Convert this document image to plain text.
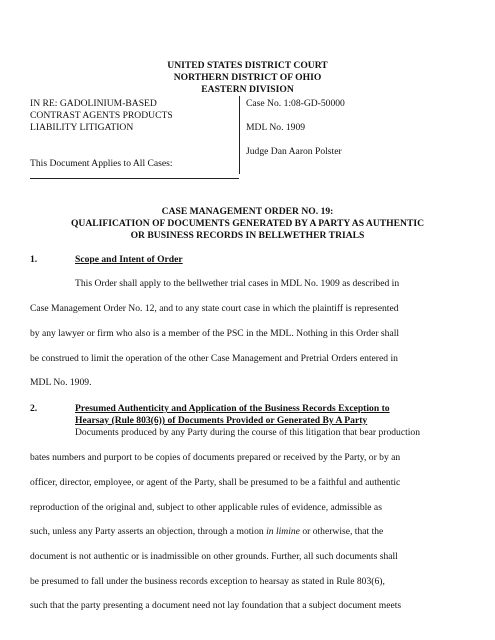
UNITED STATES DISTRICT COURT
NORTHERN DISTRICT OF OHIO
EASTERN DIVISION
IN RE: GADOLINIUM-BASED
CONTRAST AGENTS PRODUCTS
LIABILITY LITIGATION
This Document Applies to All Cases:
Case No. 1:08-GD-50000
MDL No. 1909
Judge Dan Aaron Polster
CASE MANAGEMENT ORDER NO. 19:
QUALIFICATION OF DOCUMENTS GENERATED BY A PARTY AS AUTHENTIC
OR BUSINESS RECORDS IN BELLWETHER TRIALS
1.	Scope and Intent of Order
This Order shall apply to the bellwether trial cases in MDL No. 1909 as described in
Case Management Order No. 12, and to any state court case in which the plaintiff is represented
by any lawyer or firm who also is a member of the PSC in the MDL. Nothing in this Order shall
be construed to limit the operation of the other Case Management and Pretrial Orders entered in
MDL No. 1909.
2.	Presumed Authenticity and Application of the Business Records Exception to
Hearsay (Rule 803(6)) of Documents Provided or Generated By A Party
Documents produced by any Party during the course of this litigation that bear production
bates numbers and purport to be copies of documents prepared or received by the Party, or by an
officer, director, employee, or agent of the Party, shall be presumed to be a faithful and authentic
reproduction of the original and, subject to other applicable rules of evidence, admissible as
such, unless any Party asserts an objection, through a motion in limine or otherwise, that the
document is not authentic or is inadmissible on other grounds. Further, all such documents shall
be presumed to fall under the business records exception to hearsay as stated in Rule 803(6),
such that the party presenting a document need not lay foundation that a subject document meets
